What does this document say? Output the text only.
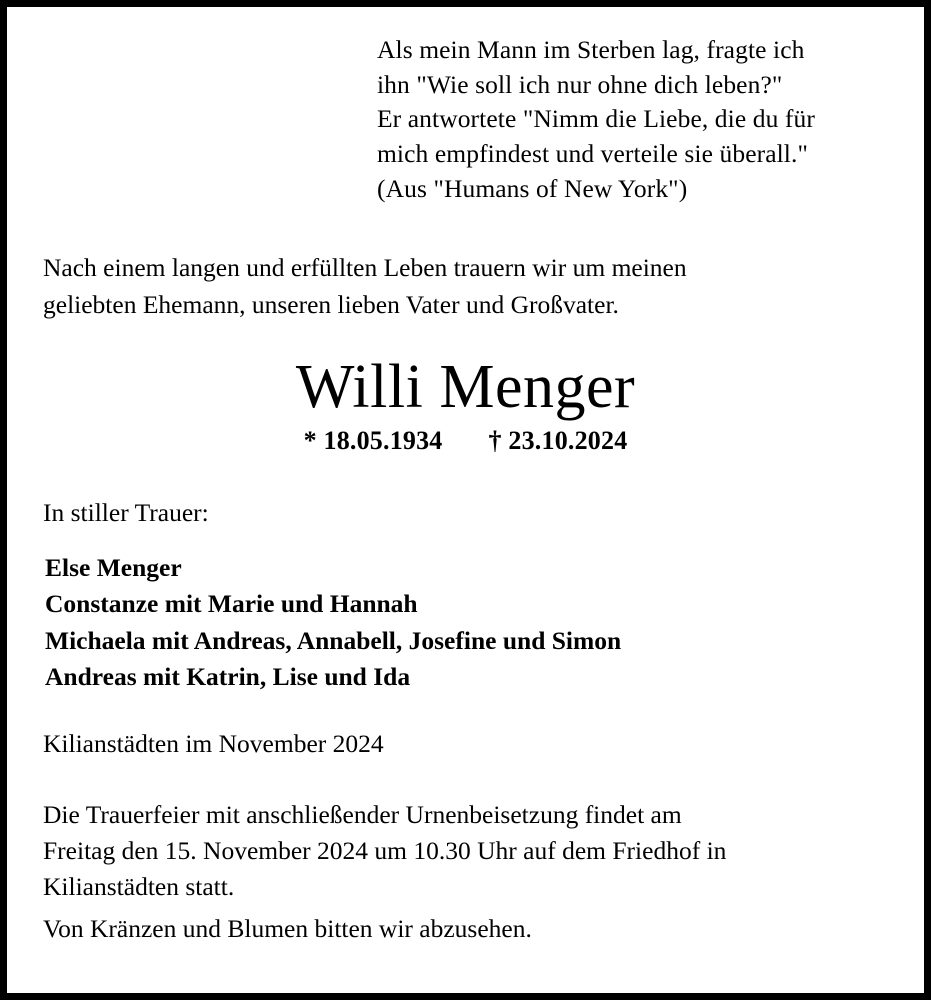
Als mein Mann im Sterben lag, fragte ich
ihn "Wie soll ich nur ohne dich leben?"
Er antwortete "Nimm die Liebe, die du für
mich empfindest und verteile sie überall."
(Aus "Humans of New York")
Nach einem langen und erfüllten Leben trauern wir um meinen
geliebten Ehemann, unseren lieben Vater und Großvater.
Willi Menger
* 18.05.1934 † 23.10.2024
In stiller Trauer:
Else Menger
Constanze mit Marie und Hannah
Michaela mit Andreas, Annabell, Josefine und Simon
Andreas mit Katrin, Lise und Ida
Kilianstädten im November 2024
Die Trauerfeier mit anschließender Urnenbeisetzung findet am
Freitag den 15. November 2024 um 10.30 Uhr auf dem Friedhof in
Kilianstädten statt.
Von Kränzen und Blumen bitten wir abzusehen.
